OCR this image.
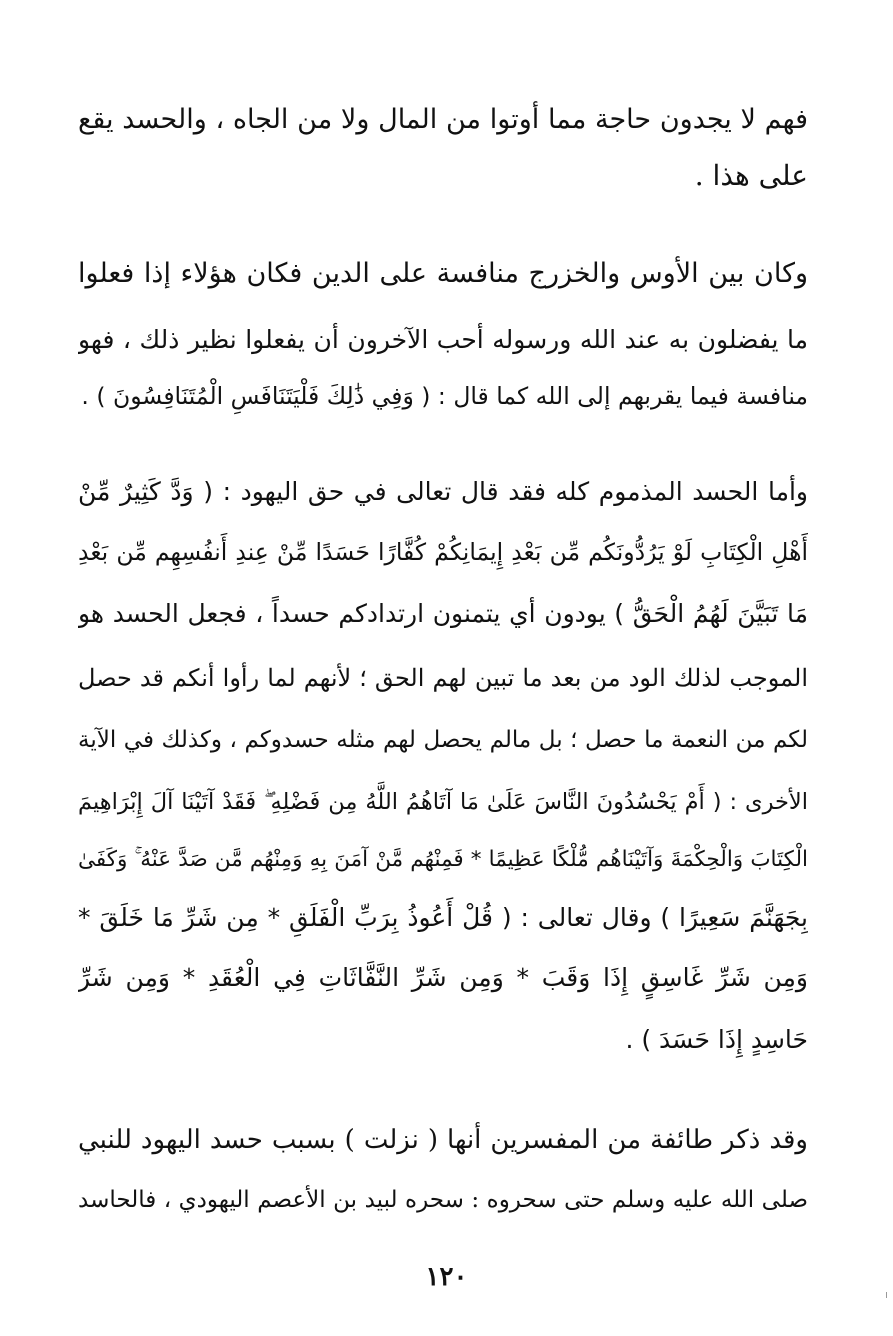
فهم لا يجدون حاجة مما أوتوا من المال ولا من الجاه ، والحسد يقع
على هذا .
وكان بين الأوس والخزرج منافسة على الدين فكان هؤلاء إذا فعلوا
ما يفضلون به عند الله ورسوله أحب الآخرون أن يفعلوا نظير ذلك ، فهو
منافسة فيما يقربهم إلى الله كما قال : ( وَفِي ذَٰلِكَ فَلْيَتَنَافَسِ الْمُتَنَافِسُونَ ) .
وأما الحسد المذموم كله فقد قال تعالى في حق اليهود : ( وَدَّ كَثِيرٌ مِّنْ
أَهْلِ الْكِتَابِ لَوْ يَرُدُّونَكُم مِّن بَعْدِ إِيمَانِكُمْ كُفَّارًا حَسَدًا مِّنْ عِندِ أَنفُسِهِم مِّن بَعْدِ
مَا تَبَيَّنَ لَهُمُ الْحَقُّ ) يودون أي يتمنون ارتدادكم حسداً ، فجعل الحسد هو
الموجب لذلك الود من بعد ما تبين لهم الحق ؛ لأنهم لما رأوا أنكم قد حصل
لكم من النعمة ما حصل ؛ بل مالم يحصل لهم مثله حسدوكم ، وكذلك في الآية
الأخرى : ( أَمْ يَحْسُدُونَ النَّاسَ عَلَىٰ مَا آتَاهُمُ اللَّهُ مِن فَضْلِهِ ۖ فَقَدْ آتَيْنَا آلَ إِبْرَاهِيمَ
الْكِتَابَ وَالْحِكْمَةَ وَآتَيْنَاهُم مُّلْكًا عَظِيمًا * فَمِنْهُم مَّنْ آمَنَ بِهِ وَمِنْهُم مَّن صَدَّ عَنْهُ ۚ وَكَفَىٰ
بِجَهَنَّمَ سَعِيرًا ) وقال تعالى : ( قُلْ أَعُوذُ بِرَبِّ الْفَلَقِ * مِن شَرِّ مَا خَلَقَ *
وَمِن شَرِّ غَاسِقٍ إِذَا وَقَبَ * وَمِن شَرِّ النَّفَّاثَاتِ فِي الْعُقَدِ * وَمِن شَرِّ
حَاسِدٍ إِذَا حَسَدَ ) .
وقد ذكر طائفة من المفسرين أنها ( نزلت ) بسبب حسد اليهود للنبي
صلى الله عليه وسلم حتى سحروه : سحره لبيد بن الأعصم اليهودي ، فالحاسد
١٢٠
